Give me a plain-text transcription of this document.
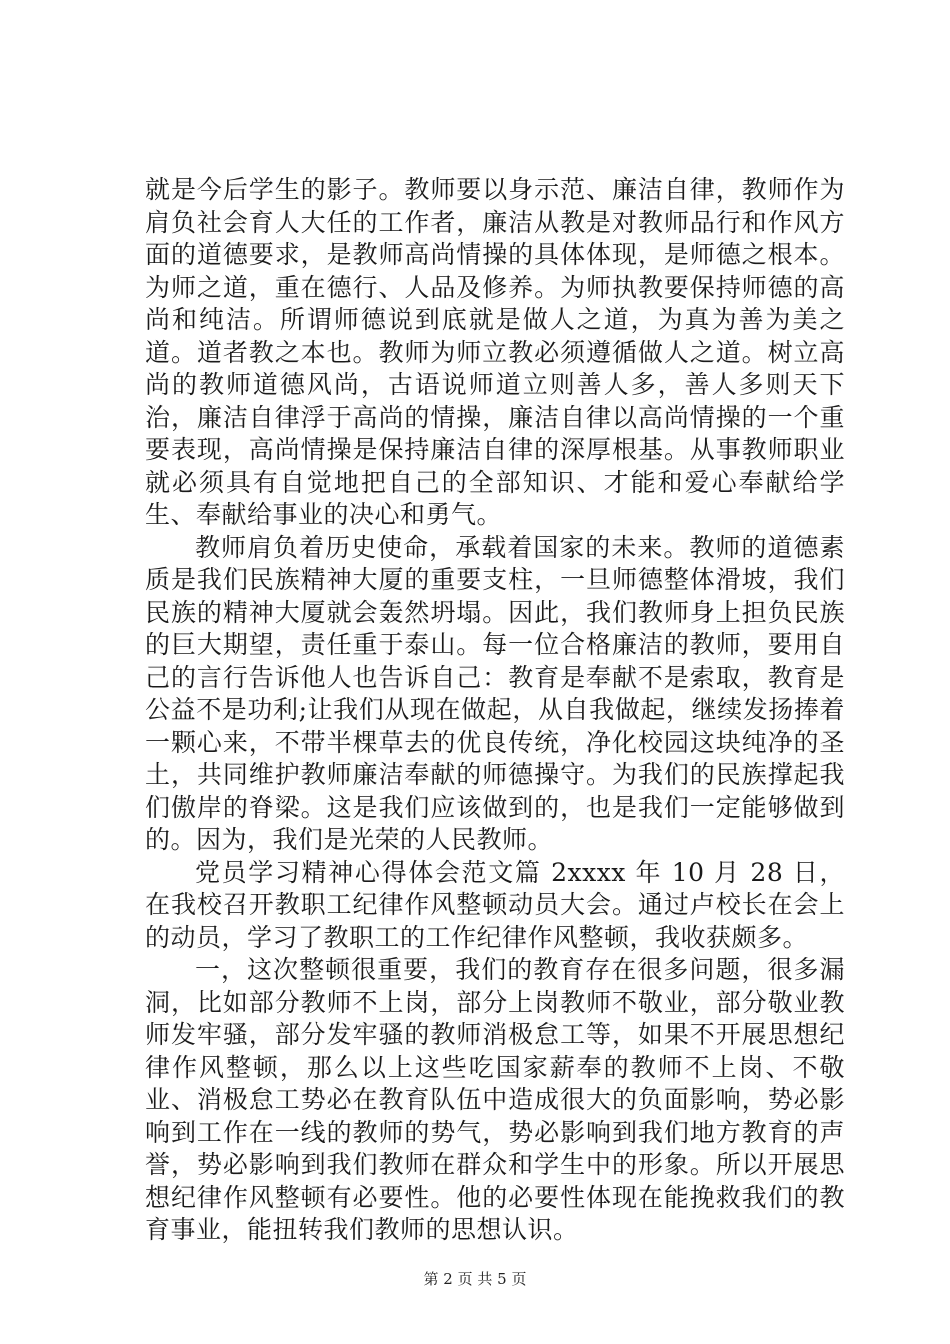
就是今后学生的影子。教师要以身示范、廉洁自律，教师作为肩负社会育人大任的工作者，廉洁从教是对教师品行和作风方面的道德要求，是教师高尚情操的具体体现，是师德之根本。为师之道，重在德行、人品及修养。为师执教要保持师德的高尚和纯洁。所谓师德说到底就是做人之道，为真为善为美之道。道者教之本也。教师为师立教必须遵循做人之道。树立高尚的教师道德风尚，古语说师道立则善人多，善人多则天下治，廉洁自律浮于高尚的情操，廉洁自律以高尚情操的一个重要表现，高尚情操是保持廉洁自律的深厚根基。从事教师职业就必须具有自觉地把自己的全部知识、才能和爱心奉献给学生、奉献给事业的决心和勇气。

教师肩负着历史使命，承载着国家的未来。教师的道德素质是我们民族精神大厦的重要支柱，一旦师德整体滑坡，我们民族的精神大厦就会轰然坍塌。因此，我们教师身上担负民族的巨大期望，责任重于泰山。每一位合格廉洁的教师，要用自己的言行告诉他人也告诉自己：教育是奉献不是索取，教育是公益不是功利;让我们从现在做起，从自我做起，继续发扬捧着一颗心来，不带半棵草去的优良传统，净化校园这块纯净的圣土，共同维护教师廉洁奉献的师德操守。为我们的民族撑起我们傲岸的脊梁。这是我们应该做到的，也是我们一定能够做到的。因为，我们是光荣的人民教师。

党员学习精神心得体会范文篇 2xxxx 年 10 月 28 日，在我校召开教职工纪律作风整顿动员大会。通过卢校长在会上的动员，学习了教职工的工作纪律作风整顿，我收获颇多。

一，这次整顿很重要，我们的教育存在很多问题，很多漏洞，比如部分教师不上岗，部分上岗教师不敬业，部分敬业教师发牢骚，部分发牢骚的教师消极怠工等，如果不开展思想纪律作风整顿，那么以上这些吃国家薪奉的教师不上岗、不敬业、消极怠工势必在教育队伍中造成很大的负面影响，势必影响到工作在一线的教师的势气，势必影响到我们地方教育的声誉，势必影响到我们教师在群众和学生中的形象。所以开展思想纪律作风整顿有必要性。他的必要性体现在能挽救我们的教育事业，能扭转我们教师的思想认识。

第 2 页 共 5 页
